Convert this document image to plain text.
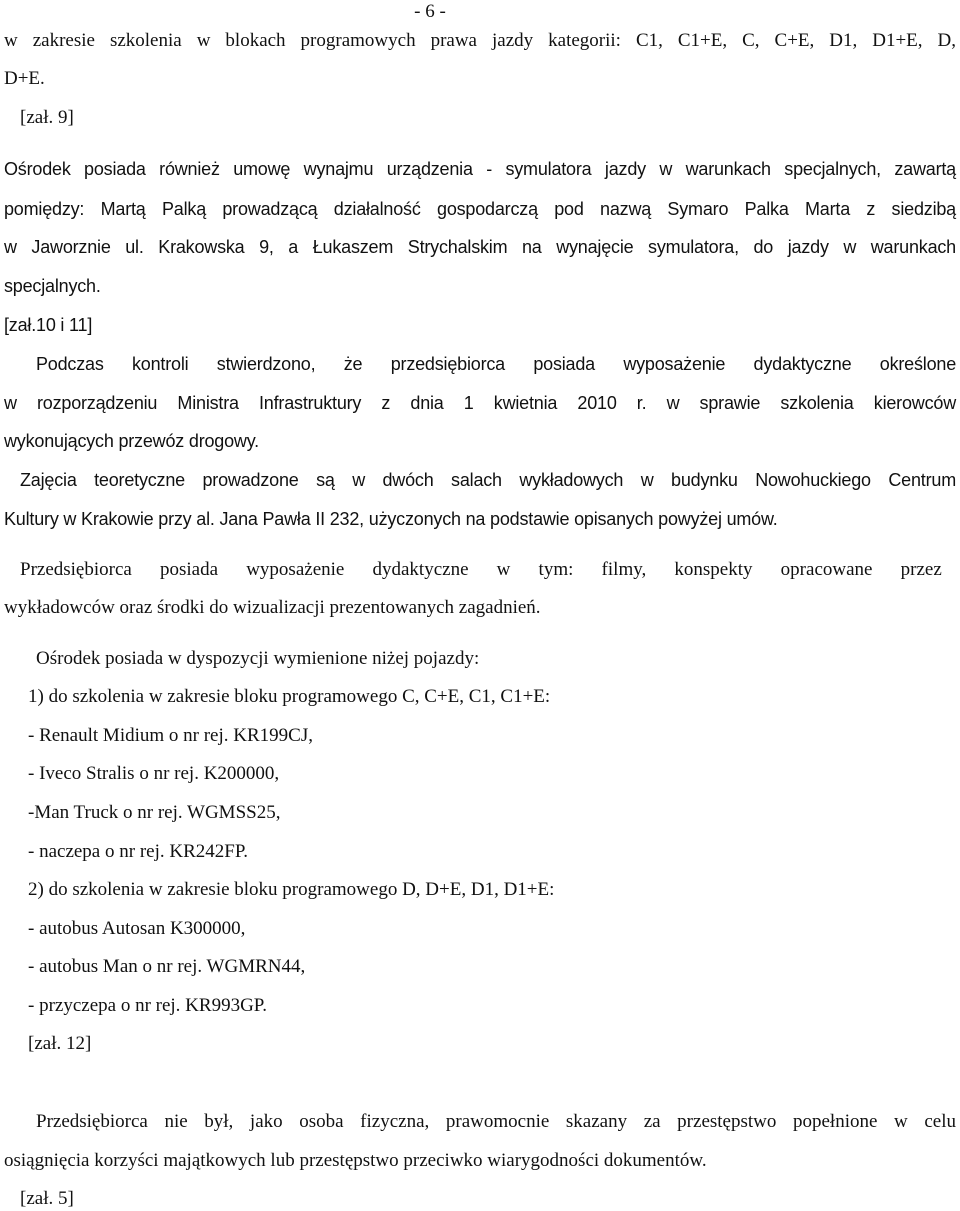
- 6 -
w zakresie szkolenia w blokach programowych prawa jazdy kategorii: C1, C1+E, C, C+E, D1, D1+E, D,
D+E.
[zał. 9]
Ośrodek posiada również umowę wynajmu urządzenia - symulatora jazdy w warunkach specjalnych, zawartą
pomiędzy: Martą Palką prowadzącą działalność gospodarczą pod nazwą Symaro Palka Marta z siedzibą
w Jaworznie ul. Krakowska 9, a Łukaszem Strychalskim na wynajęcie symulatora, do jazdy w warunkach
specjalnych.
[zał.10 i 11]
Podczas kontroli stwierdzono, że przedsiębiorca posiada wyposażenie dydaktyczne określone
w rozporządzeniu Ministra Infrastruktury z dnia 1 kwietnia 2010 r. w sprawie szkolenia kierowców
wykonujących przewóz drogowy.
Zajęcia teoretyczne prowadzone są w dwóch salach wykładowych w budynku Nowohuckiego Centrum
Kultury w Krakowie przy al. Jana Pawła II 232, użyczonych na podstawie opisanych powyżej umów.
Przedsiębiorca posiada wyposażenie dydaktyczne w tym: filmy, konspekty opracowane przez
wykładowców oraz środki do wizualizacji prezentowanych zagadnień.
Ośrodek posiada w dyspozycji wymienione niżej pojazdy:
1) do szkolenia w zakresie bloku programowego C, C+E, C1, C1+E:
- Renault Midium o nr rej. KR199CJ,
- Iveco Stralis o nr rej. K200000,
-Man Truck o nr rej. WGMSS25,
- naczepa o nr rej. KR242FP.
2) do szkolenia w zakresie bloku programowego D, D+E, D1, D1+E:
- autobus Autosan K300000,
- autobus Man o nr rej. WGMRN44,
- przyczepa o nr rej. KR993GP.
[zał. 12]
Przedsiębiorca nie był, jako osoba fizyczna, prawomocnie skazany za przestępstwo popełnione w celu
osiągnięcia korzyści majątkowych lub przestępstwo przeciwko wiarygodności dokumentów.
[zał. 5]
